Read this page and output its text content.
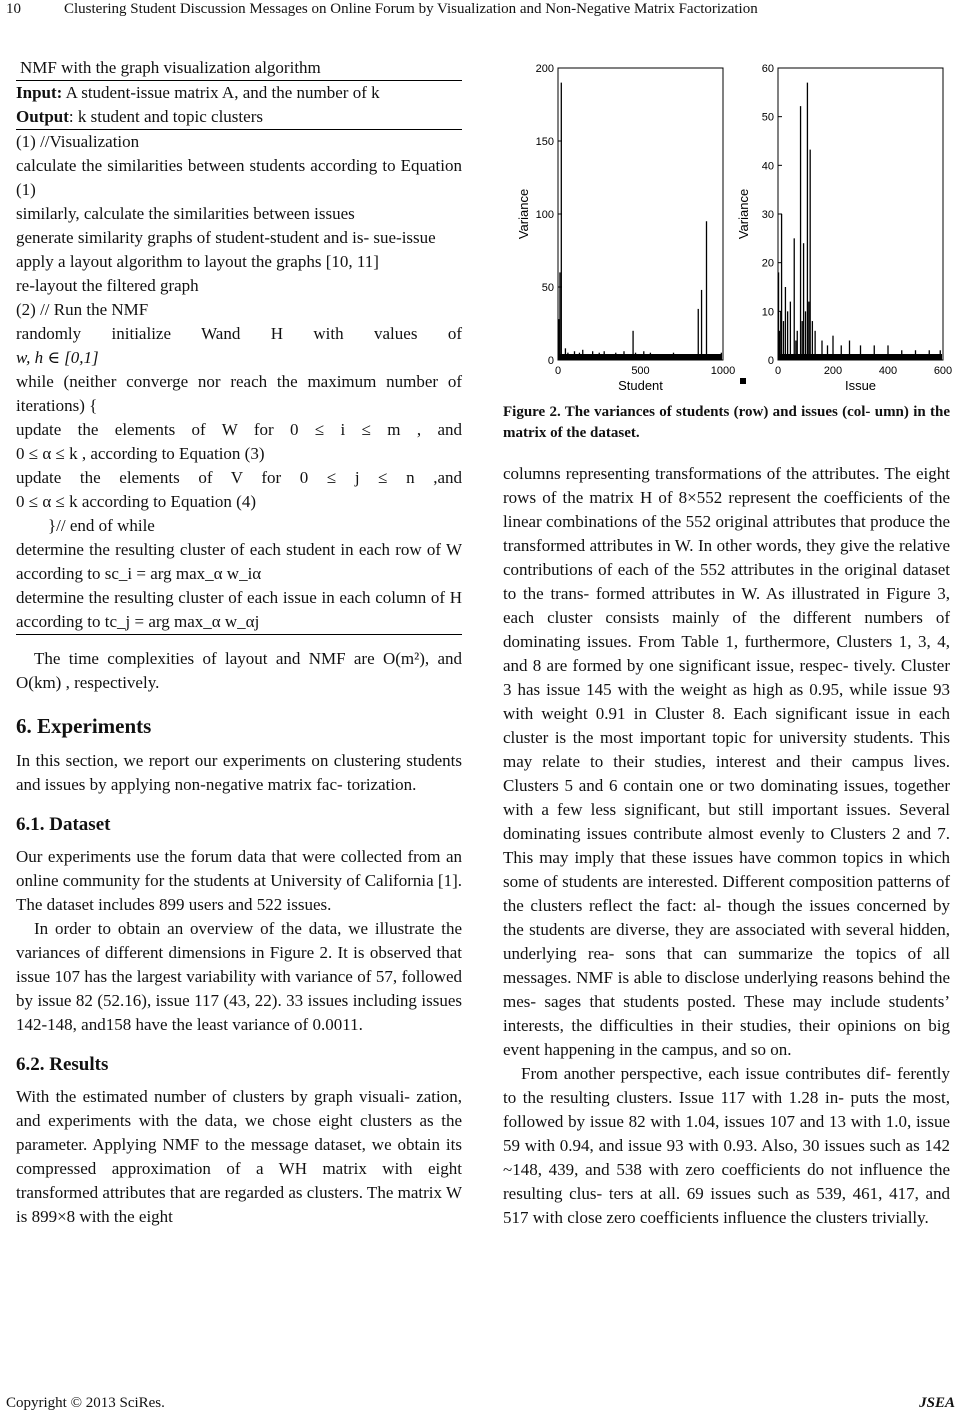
10	Clustering Student Discussion Messages on Online Forum by Visualization and Non-Negative Matrix Factorization
NMF with the graph visualization algorithm
Input: A student-issue matrix A, and the number of k
Output: k student and topic clusters

(1) //Visualization
calculate the similarities between students according to Equation (1)
similarly, calculate the similarities between issues
generate similarity graphs of student-student and is- sue-issue
apply a layout algorithm to layout the graphs [10, 11]
re-layout the filtered graph
(2) // Run the NMF
randomly initialize Wand H with values of
w, h ∈ [0,1]
while (neither converge nor reach the maximum number of iterations) {
update the elements of W for 0 ≤ i ≤ m , and
0 ≤ α ≤ k , according to Equation (3)
update the elements of V for 0 ≤ j ≤ n ,and
0 ≤ α ≤ k according to Equation (4)
}// end of while
determine the resulting cluster of each student in each row of W according to sc_i = arg max_α w_iα
determine the resulting cluster of each issue in each column of H according to tc_j = arg max_α w_αj

The time complexities of layout and NMF are O(m²), and O(km) , respectively.

6. Experiments

In this section, we report our experiments on clustering students and issues by applying non-negative matrix fac- torization.

6.1. Dataset

Our experiments use the forum data that were collected from an online community for the students at University of California [1]. The dataset includes 899 users and 522 issues.

In order to obtain an overview of the data, we illustrate the variances of different dimensions in Figure 2. It is observed that issue 107 has the largest variability with variance of 57, followed by issue 82 (52.16), issue 117 (43, 22). 33 issues including issues 142-148, and158 have the least variance of 0.0011.

6.2. Results

With the estimated number of clusters by graph visuali- zation, and experiments with the data, we chose eight clusters as the parameter. Applying NMF to the message dataset, we obtain its compressed approximation of a WH matrix with eight transformed attributes that are regarded as clusters. The matrix W is 899×8 with the eight

0
50
100
150
200
0	500	1000
Student
Variance
0
10
20
30
40
50
60
0	200	400	600
Issue
Variance

Figure 2. The variances of students (row) and issues (col- umn) in the matrix of the dataset.

columns representing transformations of the attributes. The eight rows of the matrix H of 8×552 represent the coefficients of the linear combinations of the 552 original attributes that produce the transformed attributes in W. In other words, they give the relative contributions of each of the 552 attributes in the original dataset to the trans- formed attributes in W. As illustrated in Figure 3, each cluster consists mainly of the different numbers of dominating issues. From Table 1, furthermore, Clusters 1, 3, 4, and 8 are formed by one significant issue, respec- tively. Cluster 3 has issue 145 with the weight as high as 0.95, while issue 93 with weight 0.91 in Cluster 8. Each significant issue in each cluster is the most important topic for university students. This may relate to their studies, interest and their campus lives. Clusters 5 and 6 contain one or two dominating issues, together with a few less significant, but still important issues. Several dominating issues contribute almost evenly to Clusters 2 and 7. This may imply that these issues have common topics in which some of students are interested. Different composition patterns of the clusters reflect the fact: al- though the issues concerned by the students are diverse, they are associated with several hidden, underlying rea- sons that can summarize the topics of all messages. NMF is able to disclose underlying reasons behind the mes- sages that students posted. These may include students’ interests, the difficulties in their studies, their opinions on big event happening in the campus, and so on.

From another perspective, each issue contributes dif- ferently to the resulting clusters. Issue 117 with 1.28 in- puts the most, followed by issue 82 with 1.04, issues 107 and 13 with 1.0, issue 59 with 0.94, and issue 93 with 0.93. Also, 30 issues such as 142 ~148, 439, and 538 with zero coefficients do not influence the resulting clus- ters at all. 69 issues such as 539, 461, 417, and 517 with close zero coefficients influence the clusters trivially.

Copyright © 2013 SciRes.	JSEA
